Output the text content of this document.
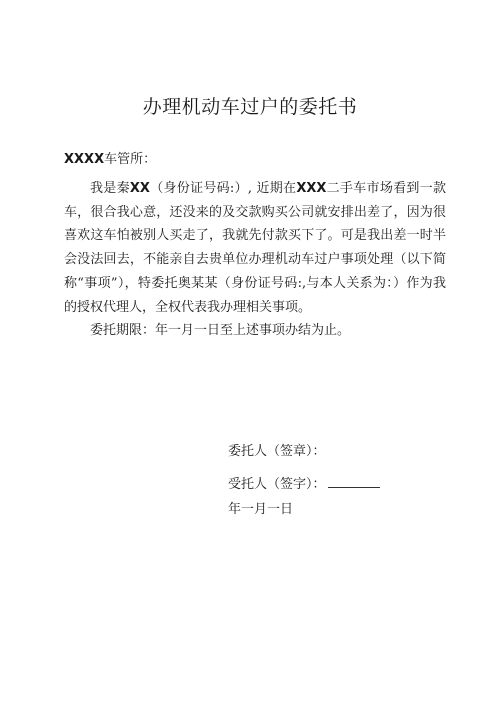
办理机动车过户的委托书
XXXX车管所：

我是秦XX（身份证号码:）, 近期在XXX二手车市场看到一款车，很合我心意，还没来的及交款购买公司就安排出差了，因为很喜欢这车怕被别人买走了，我就先付款买下了。可是我出差一时半会没法回去，不能亲自去贵单位办理机动车过户事项处理（以下简称“事项”），特委托奥某某（身份证号码:,与本人关系为：）作为我的授权代理人，全权代表我办理相关事项。

委托期限：年一月一日至上述事项办结为止。

委托人（签章）：
受托人（签字）：
年一月一日
